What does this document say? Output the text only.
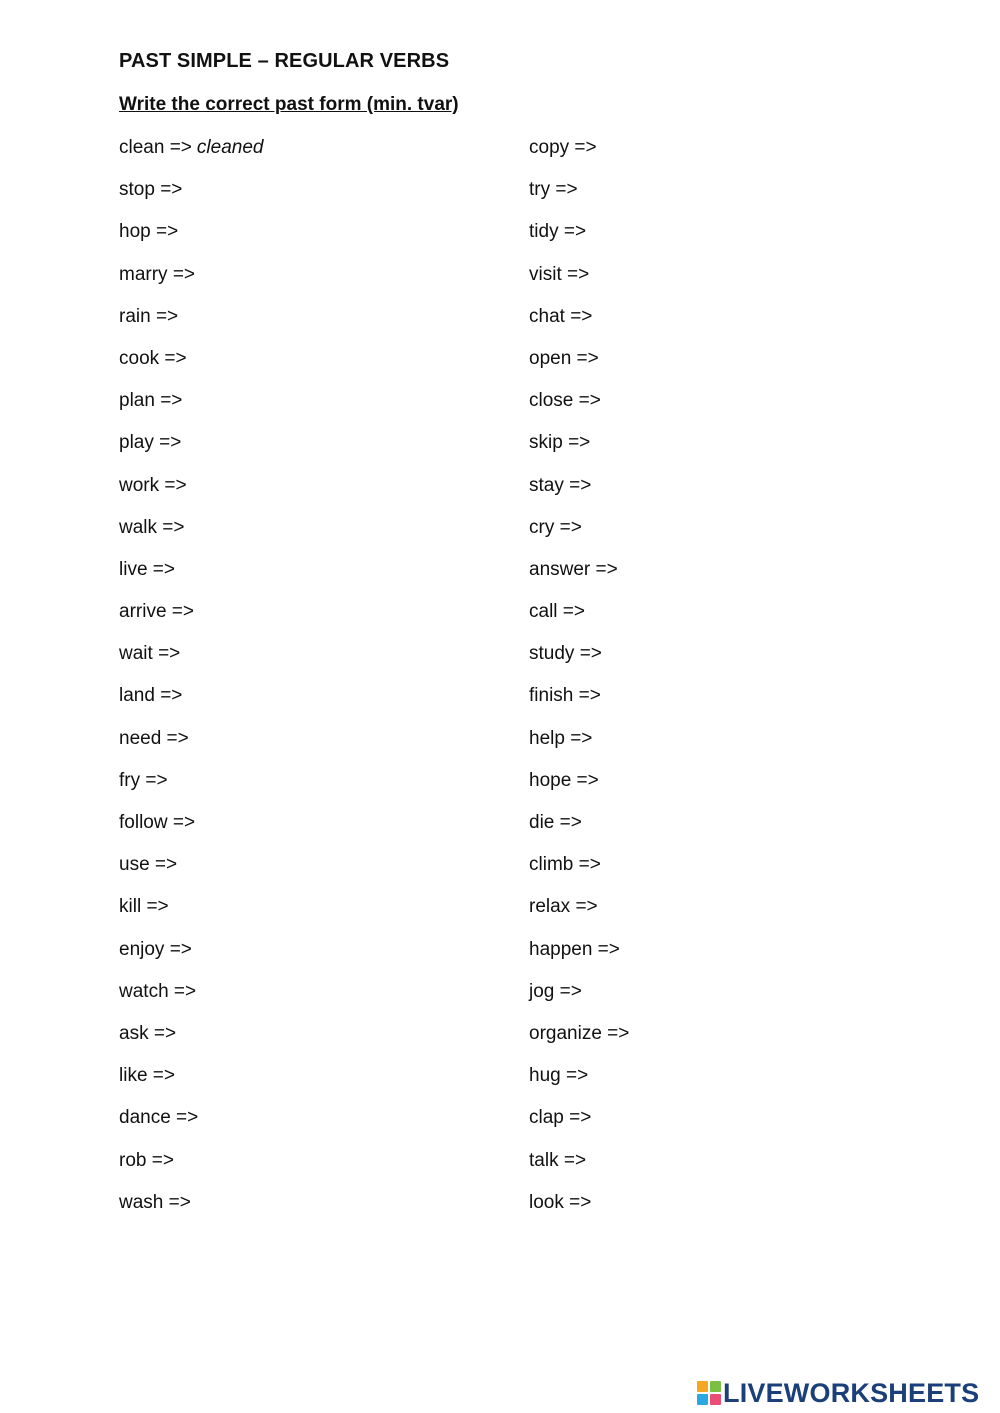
PAST SIMPLE – REGULAR VERBS
Write the correct past form (min. tvar)
clean => cleaned
stop =>
hop =>
marry =>
rain =>
cook =>
plan =>
play =>
work =>
walk =>
live =>
arrive =>
wait =>
land =>
need =>
fry =>
follow =>
use =>
kill =>
enjoy =>
watch =>
ask =>
like =>
dance =>
rob =>
wash =>
copy =>
try =>
tidy =>
visit =>
chat =>
open =>
close =>
skip =>
stay =>
cry =>
answer =>
call =>
study =>
finish =>
help =>
hope =>
die =>
climb =>
relax =>
happen =>
jog =>
organize =>
hug =>
clap =>
talk =>
look =>
LIVEWORKSHEETS
